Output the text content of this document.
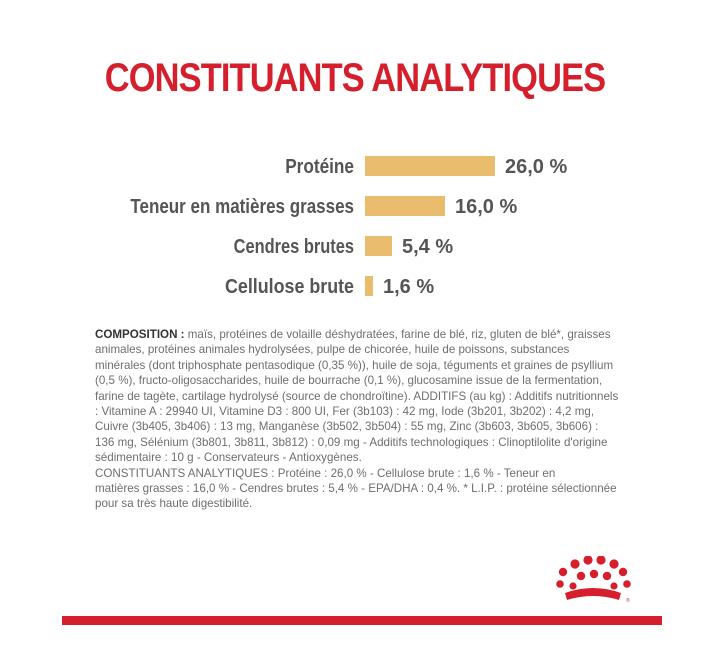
CONSTITUANTS ANALYTIQUES
Protéine	26,0 %
Teneur en matières grasses	16,0 %
Cendres brutes 5,4 %
Cellulose brute 1,6 %
COMPOSITION : maïs, protéines de volaille déshydratées, farine de blé, riz, gluten de blé*, graisses animales, protéines animales hydrolysées, pulpe de chicorée, huile de poissons, substances minérales (dont triphosphate pentasodique (0,35 %)), huile de soja, téguments et graines de psyllium (0,5 %), fructo-oligosaccharides, huile de bourrache (0,1 %), glucosamine issue de la fermentation, farine de tagète, cartilage hydrolysé (source de chondroïtine). ADDITIFS (au kg) : Additifs nutritionnels : Vitamine A : 29940 UI, Vitamine D3 : 800 UI, Fer (3b103) : 42 mg, Iode (3b201, 3b202) : 4,2 mg, Cuivre (3b405, 3b406) : 13 mg, Manganèse (3b502, 3b504) : 55 mg, Zinc (3b603, 3b605, 3b606) : 136 mg, Sélénium (3b801, 3b811, 3b812) : 0,09 mg - Additifs technologiques : Clinoptilolite d'origine sédimentaire : 10 g - Conservateurs - Antioxygènes.
CONSTITUANTS ANALYTIQUES : Protéine : 26,0 % - Cellulose brute : 1,6 % - Teneur en
matières grasses : 16,0 % - Cendres brutes : 5,4 % - EPA/DHA : 0,4 %. * L.I.P. : protéine sélectionnée pour sa très haute digestibilité.
®
